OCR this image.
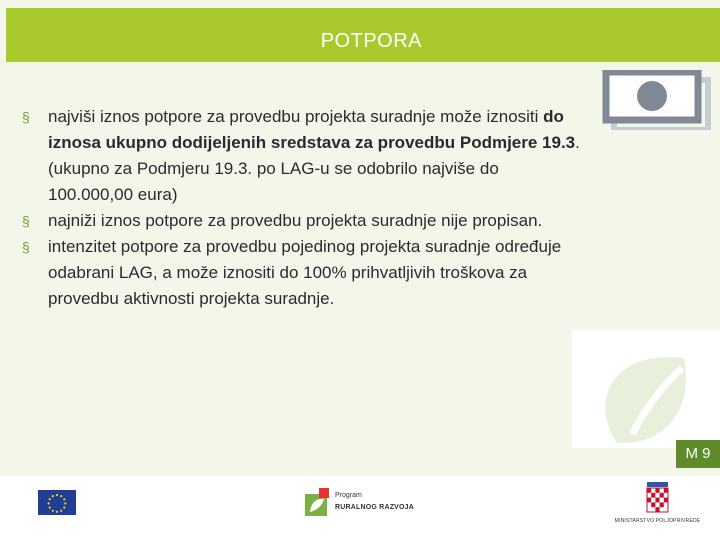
POTPORA
§ najviši iznos potpore za provedbu projekta suradnje može iznositi do iznosa ukupno dodijeljenih sredstava za provedbu Podmjere 19.3. (ukupno za Podmjeru 19.3. po LAG-u se odobrilo najviše do 100.000,00 eura)
§ najniži iznos potpore za provedbu projekta suradnje nije propisan.
§ intenzitet potpore za provedbu pojedinog projekta suradnje određuje odabrani LAG, a može iznositi do 100% prihvatljivih troškova za provedbu aktivnosti projekta suradnje.
M 9
Program
RURALNOG RAZVOJA
MINISTARSTVO POLJOPRIVREDE
